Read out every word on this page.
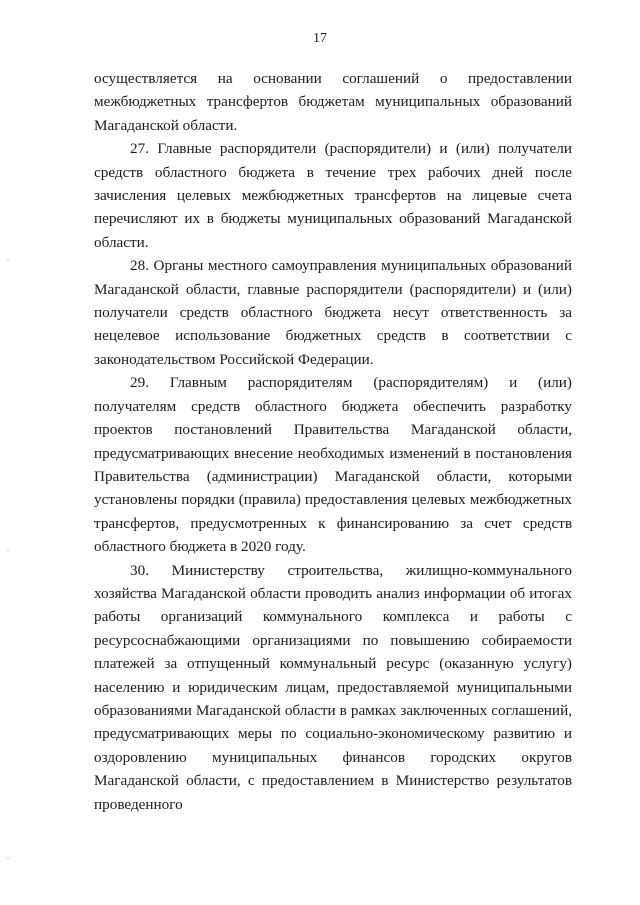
17
ˈ
ˈ
ˈ

осуществляется на основании соглашений о предоставлении межбюджетных трансфертов бюджетам муниципальных образований Магаданской области.

27. Главные распорядители (распорядители) и (или) получатели средств областного бюджета в течение трех рабочих дней после зачисления целевых межбюджетных трансфертов на лицевые счета перечисляют их в бюджеты муниципальных образований Магаданской области.

28. Органы местного самоуправления муниципальных образований Магаданской области, главные распорядители (распорядители) и (или) получатели средств областного бюджета несут ответственность за нецелевое использование бюджетных средств в соответствии с законодательством Российской Федерации.

29. Главным распорядителям (распорядителям) и (или) получателям средств областного бюджета обеспечить разработку проектов постановлений Правительства Магаданской области, предусматривающих внесение необходимых изменений в постановления Правительства (администрации) Магаданской области, которыми установлены порядки (правила) предоставления целевых межбюджетных трансфертов, предусмотренных к финансированию за счет средств областного бюджета в 2020 году.

30. Министерству строительства, жилищно-коммунального хозяйства Магаданской области проводить анализ информации об итогах работы организаций коммунального комплекса и работы с ресурсоснабжающими организациями по повышению собираемости платежей за отпущенный коммунальный ресурс (оказанную услугу) населению и юридическим лицам, предоставляемой муниципальными образованиями Магаданской области в рамках заключенных соглашений, предусматривающих меры по социально-экономическому развитию и оздоровлению муниципальных финансов городских округов Магаданской области, с предоставлением в Министерство результатов проведенного
